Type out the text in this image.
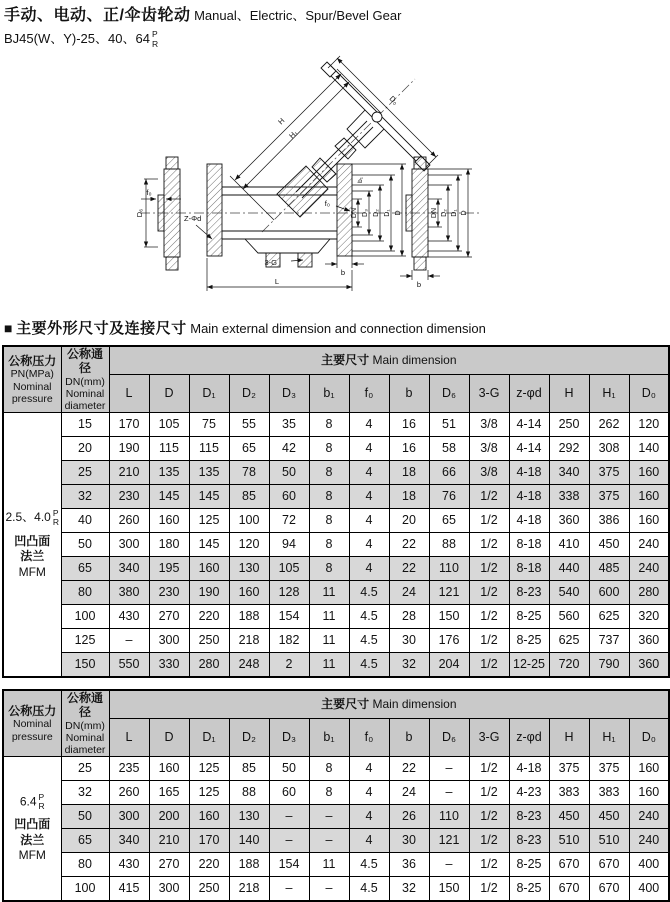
手动、电动、正/伞齿轮动 Manual、Electric、Spur/Bevel Gear
BJ45(W、Y)-25、40、64 P
R
D₆
f₀
Z-Φd
D₀
H
H₁
DN D₃ D₂ D₁ D
b₁
f₀
b
3-G
L
DN D₂ D₁ D
b
■ 主要外形尺寸及连接尺寸 Main external dimension and connection dimension
公称压力
PN(MPa)
Nominal
pressure

公称通径
DN(mm)
Nominal
diameter
	主要尺寸 Main dimension
		L	D	D₁	D₂	D₃	b₁	f₀	b	D₆	3-G	z-φd	H	H₁	D₀

2.5、4.0 P
R
凹凸面
法兰
MFM
	15	170	105	75	55	35	8	4	16	51	3/8	4-14	250	262	120
	20	190	115	115	65	42	8	4	16	58	3/8	4-14	292	308	140
	25	210	135	135	78	50	8	4	18	66	3/8	4-18	340	375	160
	32	230	145	145	85	60	8	4	18	76	1/2	4-18	338	375	160
	40	260	160	125	100	72	8	4	20	65	1/2	4-18	360	386	160
	50	300	180	145	120	94	8	4	22	88	1/2	8-18	410	450	240
	65	340	195	160	130	105	8	4	22	110	1/2	8-18	440	485	240
	80	380	230	190	160	128	11	4.5	24	121	1/2	8-23	540	600	280
	100	430	270	220	188	154	11	4.5	28	150	1/2	8-25	560	625	320
	125	–	300	250	218	182	11	4.5	30	176	1/2	8-25	625	737	360
	150	550	330	280	248	2	11	4.5	32	204	1/2	12-25	720	790	360
公称压力
Nominal
pressure

公称通径
DN(mm)
Nominal
diameter
	主要尺寸 Main dimension
		L	D	D₁	D₂	D₃	b₁	f₀	b	D₆	3-G	z-φd	H	H₁	D₀

6.4 P
R
凹凸面
法兰
MFM
	25	235	160	125	85	50	8	4	22	–	1/2	4-18	375	375	160
	32	260	165	125	88	60	8	4	24	–	1/2	4-23	383	383	160
	50	300	200	160	130	–	–	4	26	110	1/2	8-23	450	450	240
	65	340	210	170	140	–	–	4	30	121	1/2	8-23	510	510	240
	80	430	270	220	188	154	11	4.5	36	–	1/2	8-25	670	670	400
	100	415	300	250	218	–	–	4.5	32	150	1/2	8-25	670	670	400
